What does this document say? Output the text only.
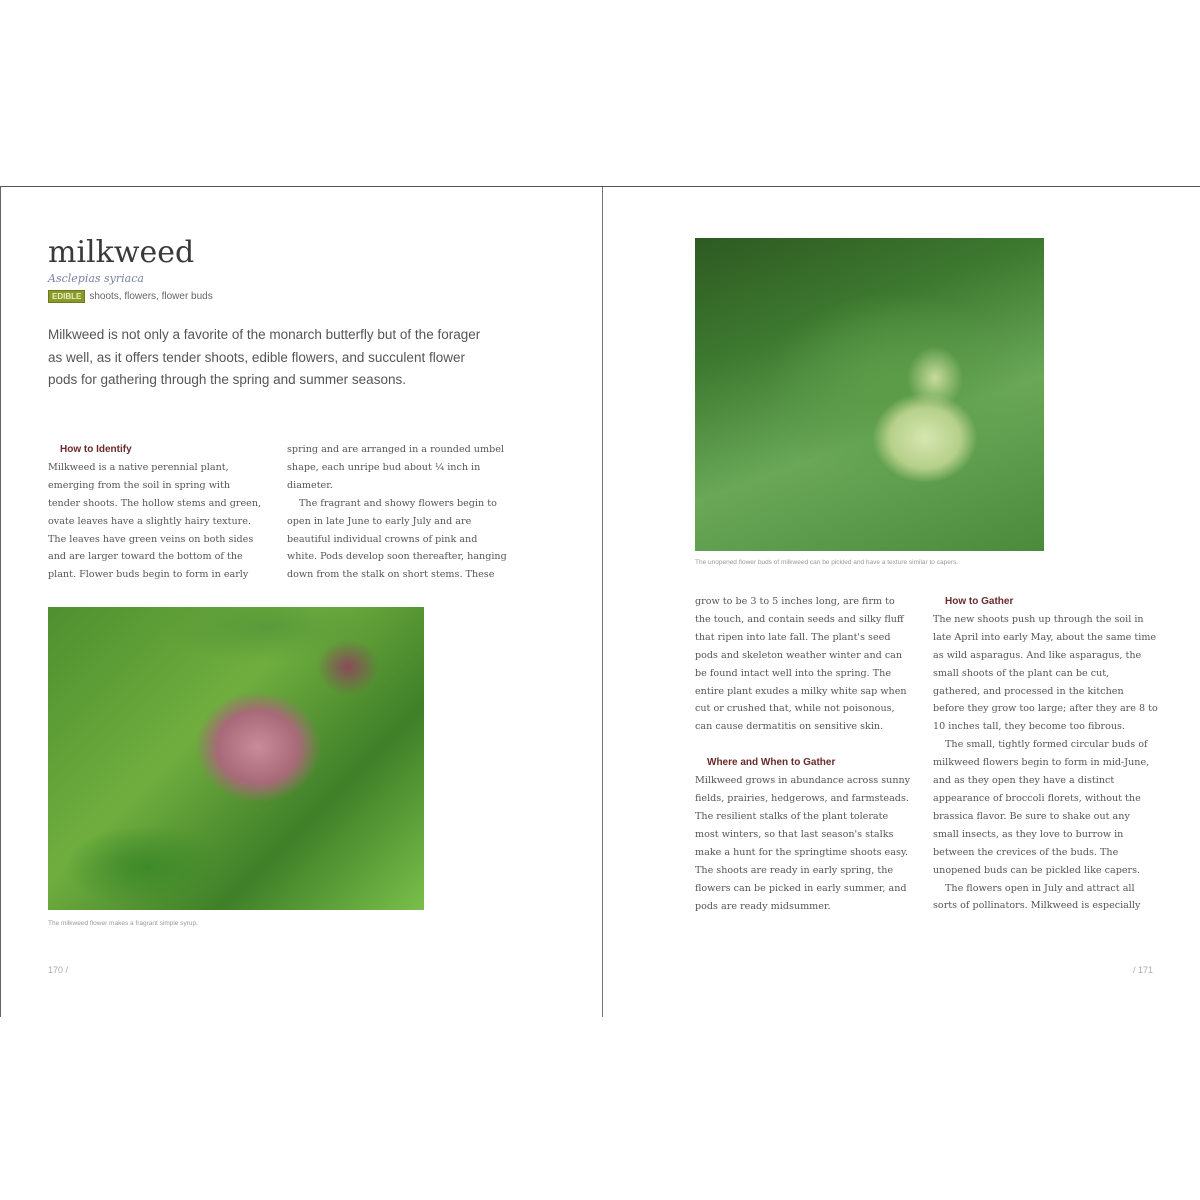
milkweed
Asclepias syriaca
EDIBLE shoots, flowers, flower buds
Milkweed is not only a favorite of the monarch butterfly but of the forager as well, as it offers tender shoots, edible flowers, and succulent flower pods for gathering through the spring and summer seasons.
How to Identify

Milkweed is a native perennial plant, emerging from the soil in spring with tender shoots. The hollow stems and green, ovate leaves have a slightly hairy texture. The leaves have green veins on both sides and are larger toward the bottom of the plant. Flower buds begin to form in early

spring and are arranged in a rounded umbel shape, each unripe bud about ¼ inch in diameter.

The fragrant and showy flowers begin to open in late June to early July and are beautiful individual crowns of pink and white. Pods develop soon thereafter, hanging down from the stalk on short stems. These

The milkweed flower makes a fragrant simple syrup.
170 /
The unopened flower buds of milkweed can be pickled and have a texture similar to capers.

grow to be 3 to 5 inches long, are firm to the touch, and contain seeds and silky fluff that ripen into late fall. The plant's seed pods and skeleton weather winter and can be found intact well into the spring. The entire plant exudes a milky white sap when cut or crushed that, while not poisonous, can cause dermatitis on sensitive skin.

Where and When to Gather

Milkweed grows in abundance across sunny fields, prairies, hedgerows, and farmsteads. The resilient stalks of the plant tolerate most winters, so that last season's stalks make a hunt for the springtime shoots easy. The shoots are ready in early spring, the flowers can be picked in early summer, and pods are ready midsummer.

How to Gather

The new shoots push up through the soil in late April into early May, about the same time as wild asparagus. And like asparagus, the small shoots of the plant can be cut, gathered, and processed in the kitchen before they grow too large; after they are 8 to 10 inches tall, they become too fibrous.

The small, tightly formed circular buds of milkweed flowers begin to form in mid-June, and as they open they have a distinct appearance of broccoli florets, without the brassica flavor. Be sure to shake out any small insects, as they love to burrow in between the crevices of the buds. The unopened buds can be pickled like capers.

The flowers open in July and attract all sorts of pollinators. Milkweed is especially

/ 171
